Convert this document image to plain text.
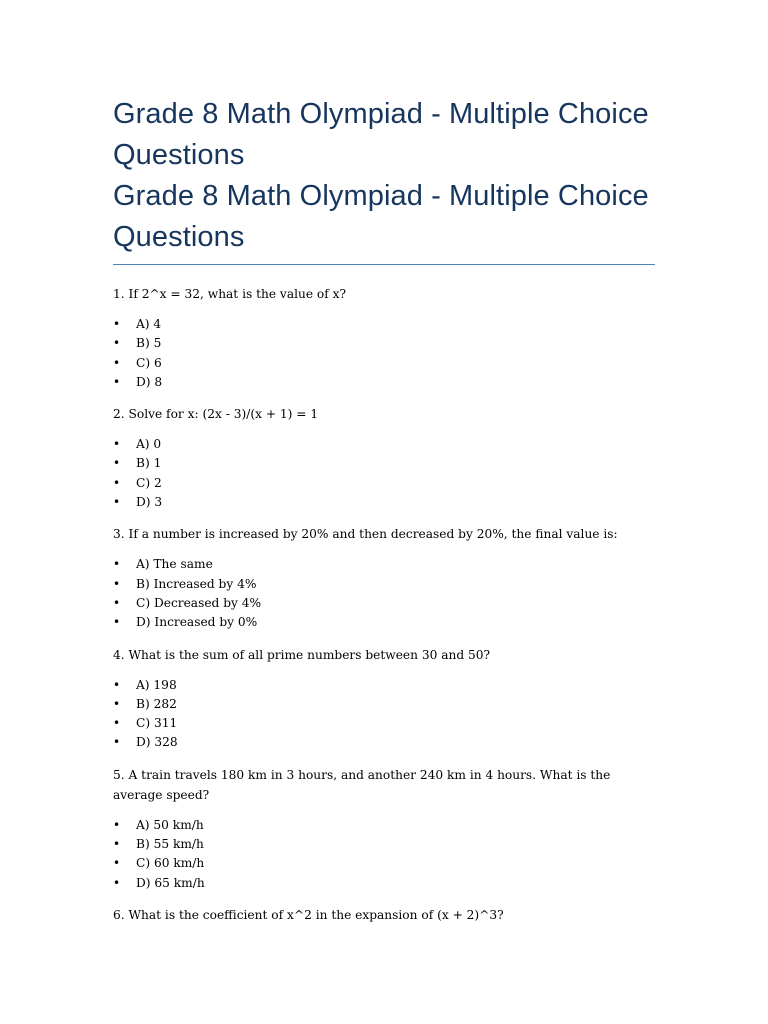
Grade 8 Math Olympiad - Multiple Choice Questions
Grade 8 Math Olympiad - Multiple Choice Questions

1. If 2^x = 32, what is the value of x?

• A) 4
• B) 5
• C) 6
• D) 8

2. Solve for x: (2x - 3)/(x + 1) = 1

• A) 0
• B) 1
• C) 2
• D) 3

3. If a number is increased by 20% and then decreased by 20%, the final value is:

• A) The same
• B) Increased by 4%
• C) Decreased by 4%
• D) Increased by 0%

4. What is the sum of all prime numbers between 30 and 50?

• A) 198
• B) 282
• C) 311
• D) 328

5. A train travels 180 km in 3 hours, and another 240 km in 4 hours. What is the average speed?

• A) 50 km/h
• B) 55 km/h
• C) 60 km/h
• D) 65 km/h

6. What is the coefficient of x^2 in the expansion of (x + 2)^3?
